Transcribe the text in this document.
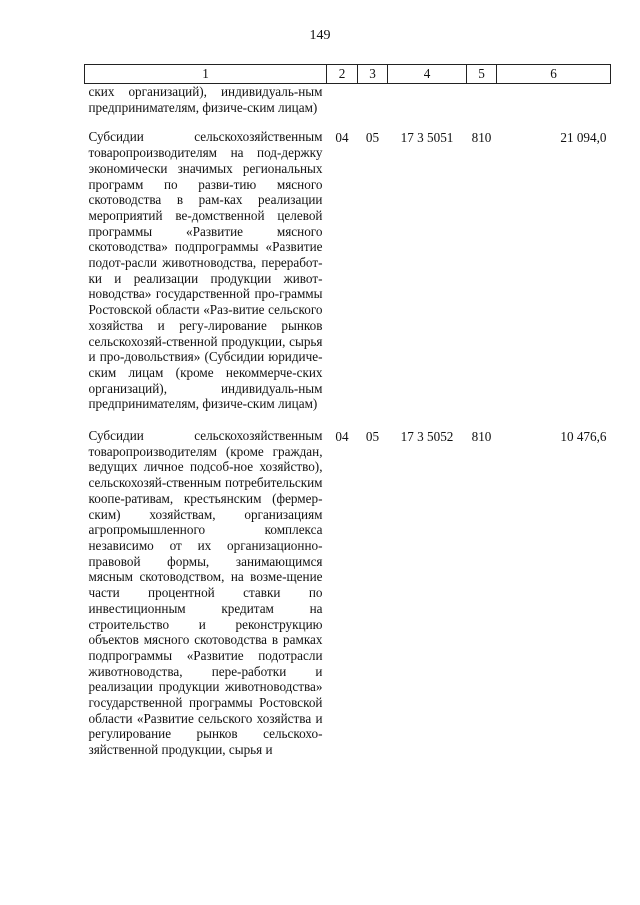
149
1	2	3	4	5	6
ских организаций), индивидуаль-ным предпринимателям, физиче-ским лицам)					
Субсидии сельскохозяйственным товаропроизводителям на под-держку экономически значимых региональных программ по разви-тию мясного скотоводства в рам-ках реализации мероприятий ве-домственной целевой программы «Развитие мясного скотоводства» подпрограммы «Развитие подот-расли животноводства, переработ-ки и реализации продукции живот-новодства» государственной про-граммы Ростовской области «Раз-витие сельского хозяйства и регу-лирование рынков сельскохозяй-ственной продукции, сырья и про-довольствия» (Субсидии юридиче-ским лицам (кроме некоммерче-ских организаций), индивидуаль-ным предпринимателям, физиче-ским лицам)	04	05	17 3 5051	810	21 094,0
Субсидии сельскохозяйственным товаропроизводителям (кроме граждан, ведущих личное подсоб-ное хозяйство), сельскохозяй-ственным потребительским коопе-ративам, крестьянским (фермер-ским) хозяйствам, организациям агропромышленного комплекса независимо от их организационно-правовой формы, занимающимся мясным скотоводством, на возме-щение части процентной ставки по инвестиционным кредитам на строительство и реконструкцию объектов мясного скотоводства в рамках подпрограммы «Развитие подотрасли животноводства, пере-работки и реализации продукции животноводства» государственной программы Ростовской области «Развитие сельского хозяйства и регулирование рынков сельскохо-зяйственной продукции, сырья и	04	05	17 3 5052	810	10 476,6
